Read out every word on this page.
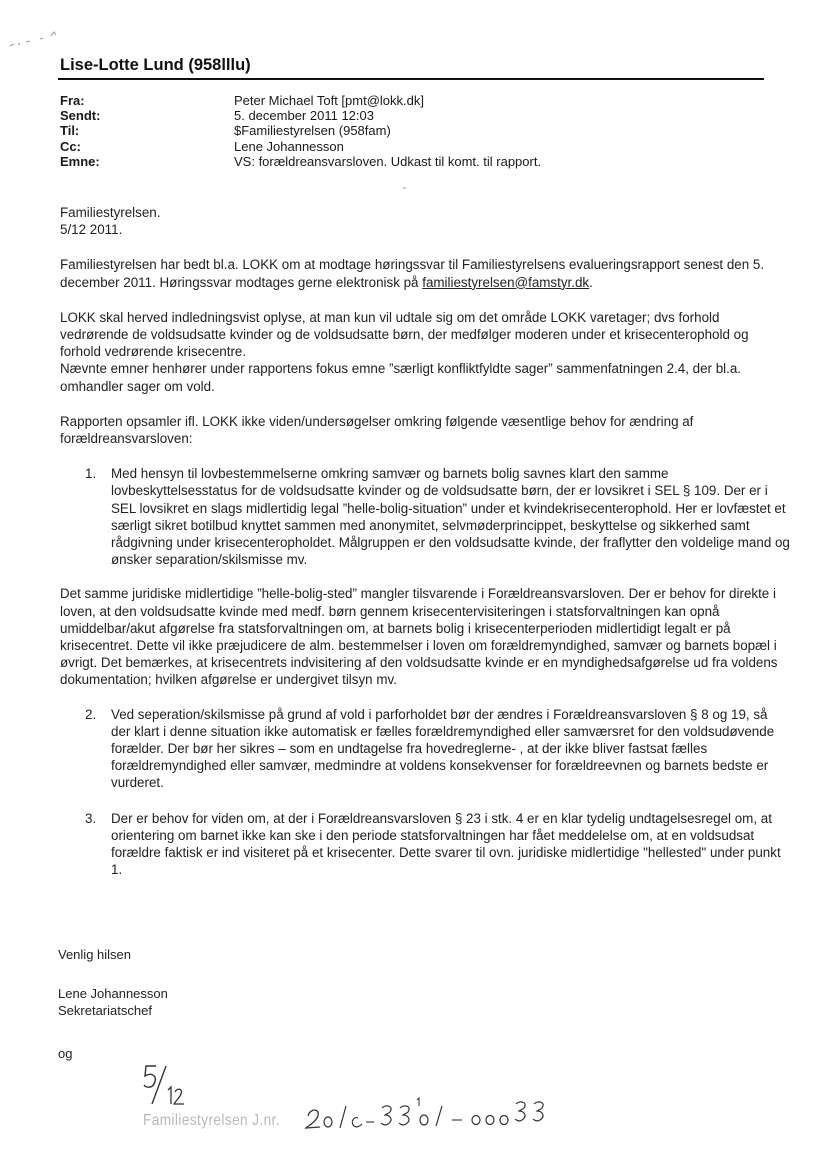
Lise-Lotte Lund (958lllu)
Fra:	Peter Michael Toft [pmt@lokk.dk]
Sendt:	5. december 2011 12:03
Til:	$Familiestyrelsen (958fam)
Cc:	Lene Johannesson
Emne:	VS: forældreansvarsloven. Udkast til komt. til rapport.

Familiestyrelsen.

5/12 2011.

Familiestyrelsen har bedt bl.a. LOKK om at modtage høringssvar til Familiestyrelsens evalueringsrapport senest den 5. december 2011. Høringssvar modtages gerne elektronisk på familiestyrelsen@famstyr.dk.

LOKK skal herved indledningsvist oplyse, at man kun vil udtale sig om det område LOKK varetager; dvs forhold vedrørende de voldsudsatte kvinder og de voldsudsatte børn, der medfølger moderen under et krisecenterophold og forhold vedrørende krisecentre.

Nævnte emner henhører under rapportens fokus emne ”særligt konfliktfyldte sager” sammenfatningen 2.4, der bl.a. omhandler sager om vold.

Rapporten opsamler ifl. LOKK ikke viden/undersøgelser omkring følgende væsentlige behov for ændring af forældreansvarsloven:

1. Med hensyn til lovbestemmelserne omkring samvær og barnets bolig savnes klart den samme lovbeskyttelsesstatus for de voldsudsatte kvinder og de voldsudsatte børn, der er lovsikret i SEL § 109. Der er i SEL lovsikret en slags midlertidig legal ”helle-bolig-situation” under et kvindekrisecenterophold. Her er lovfæstet et særligt sikret botilbud knyttet sammen med anonymitet, selvmøderprincippet, beskyttelse og sikkerhed samt rådgivning under krisecenteropholdet. Målgruppen er den voldsudsatte kvinde, der fraflytter den voldelige mand og ønsker separation/skilsmisse mv.

Det samme juridiske midlertidige ”helle-bolig-sted” mangler tilsvarende i Forældreansvarsloven. Der er behov for direkte i loven, at den voldsudsatte kvinde med medf. børn gennem krisecentervisiteringen i statsforvaltningen kan opnå umiddelbar/akut afgørelse fra statsforvaltningen om, at barnets bolig i krisecenterperioden midlertidigt legalt er på krisecentret. Dette vil ikke præjudicere de alm. bestemmelser i loven om forældremyndighed, samvær og barnets bopæl i øvrigt. Det bemærkes, at krisecentrets indvisitering af den voldsudsatte kvinde er en myndighedsafgørelse ud fra voldens dokumentation; hvilken afgørelse er undergivet tilsyn mv.

2. Ved seperation/skilsmisse på grund af vold i parforholdet bør der ændres i Forældreansvarsloven § 8 og 19, så der klart i denne situation ikke automatisk er fælles forældremyndighed eller samværsret for den voldsudøvende forælder. Der bør her sikres – som en undtagelse fra hovedreglerne- , at der ikke bliver fastsat fælles forældremyndighed eller samvær, medmindre at voldens konsekvenser for forældreevnen og barnets bedste er vurderet.

3. Der er behov for viden om, at der i Forældreansvarsloven § 23 i stk. 4 er en klar tydelig undtagelsesregel om, at orientering om barnet ikke kan ske i den periode statsforvaltningen har fået meddelelse om, at en voldsudsat forældre faktisk er ind visiteret på et krisecenter. Dette svarer til ovn. juridiske midlertidige "hellested" under punkt 1.

Venlig hilsen
Lene Johannesson
Sekretariatschef
og
Familiestyrelsen J.nr.
